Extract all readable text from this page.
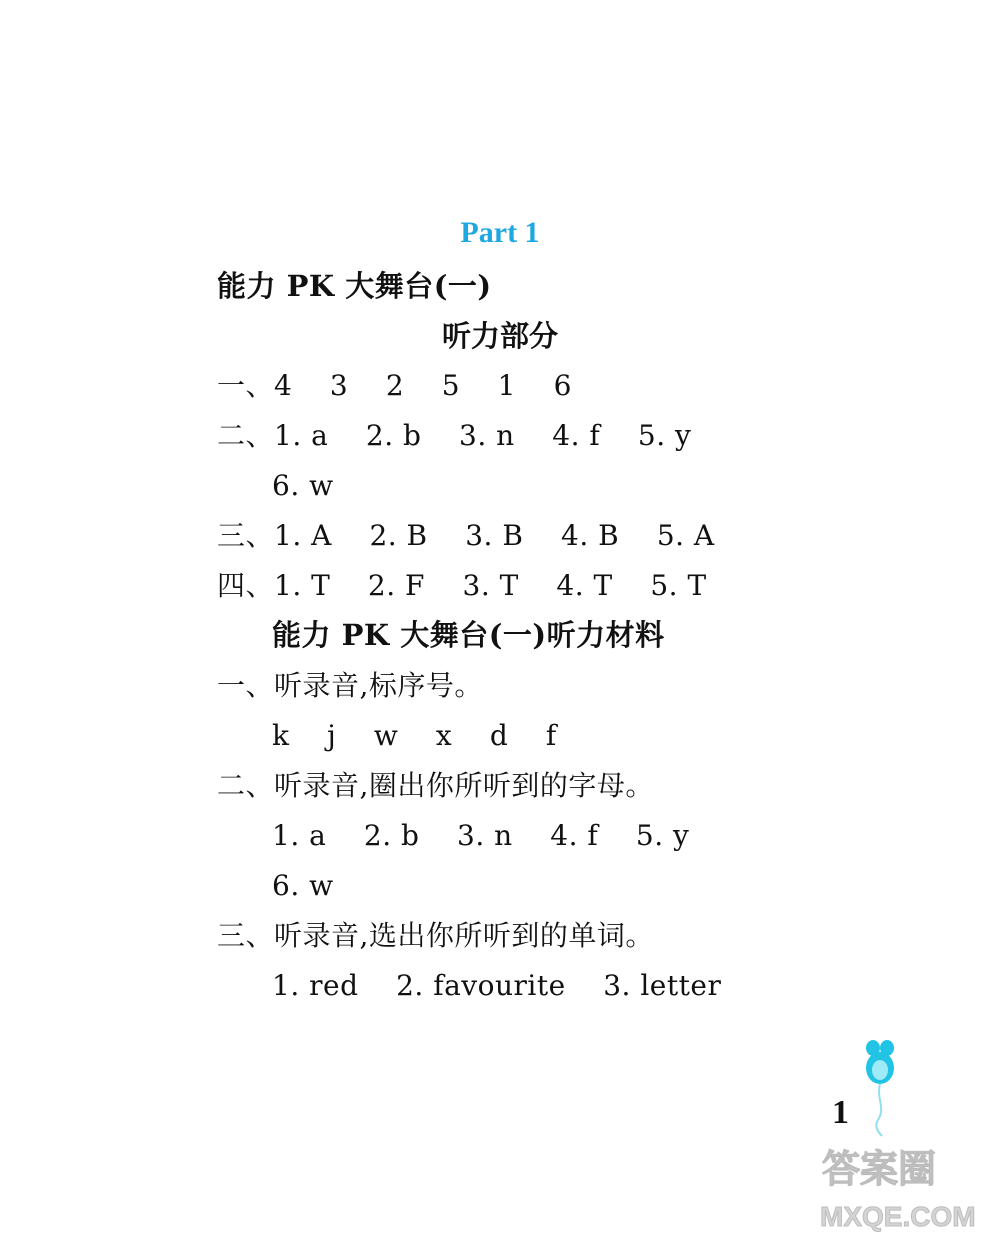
Part 1
能力 PK 大舞台(一)
听力部分
一、4    3    2    5    1    6
二、1. a    2. b    3. n    4. f    5. y
6. w
三、1. A    2. B    3. B    4. B    5. A
四、1. T    2. F    3. T    4. T    5. T
能力 PK 大舞台(一)听力材料
一、听录音,标序号。
k    j    w    x    d    f
二、听录音,圈出你所听到的字母。
1. a    2. b    3. n    4. f    5. y
6. w
三、听录音,选出你所听到的单词。
1. red    2. favourite    3. letter
1
答案圈
MXQE.COM
